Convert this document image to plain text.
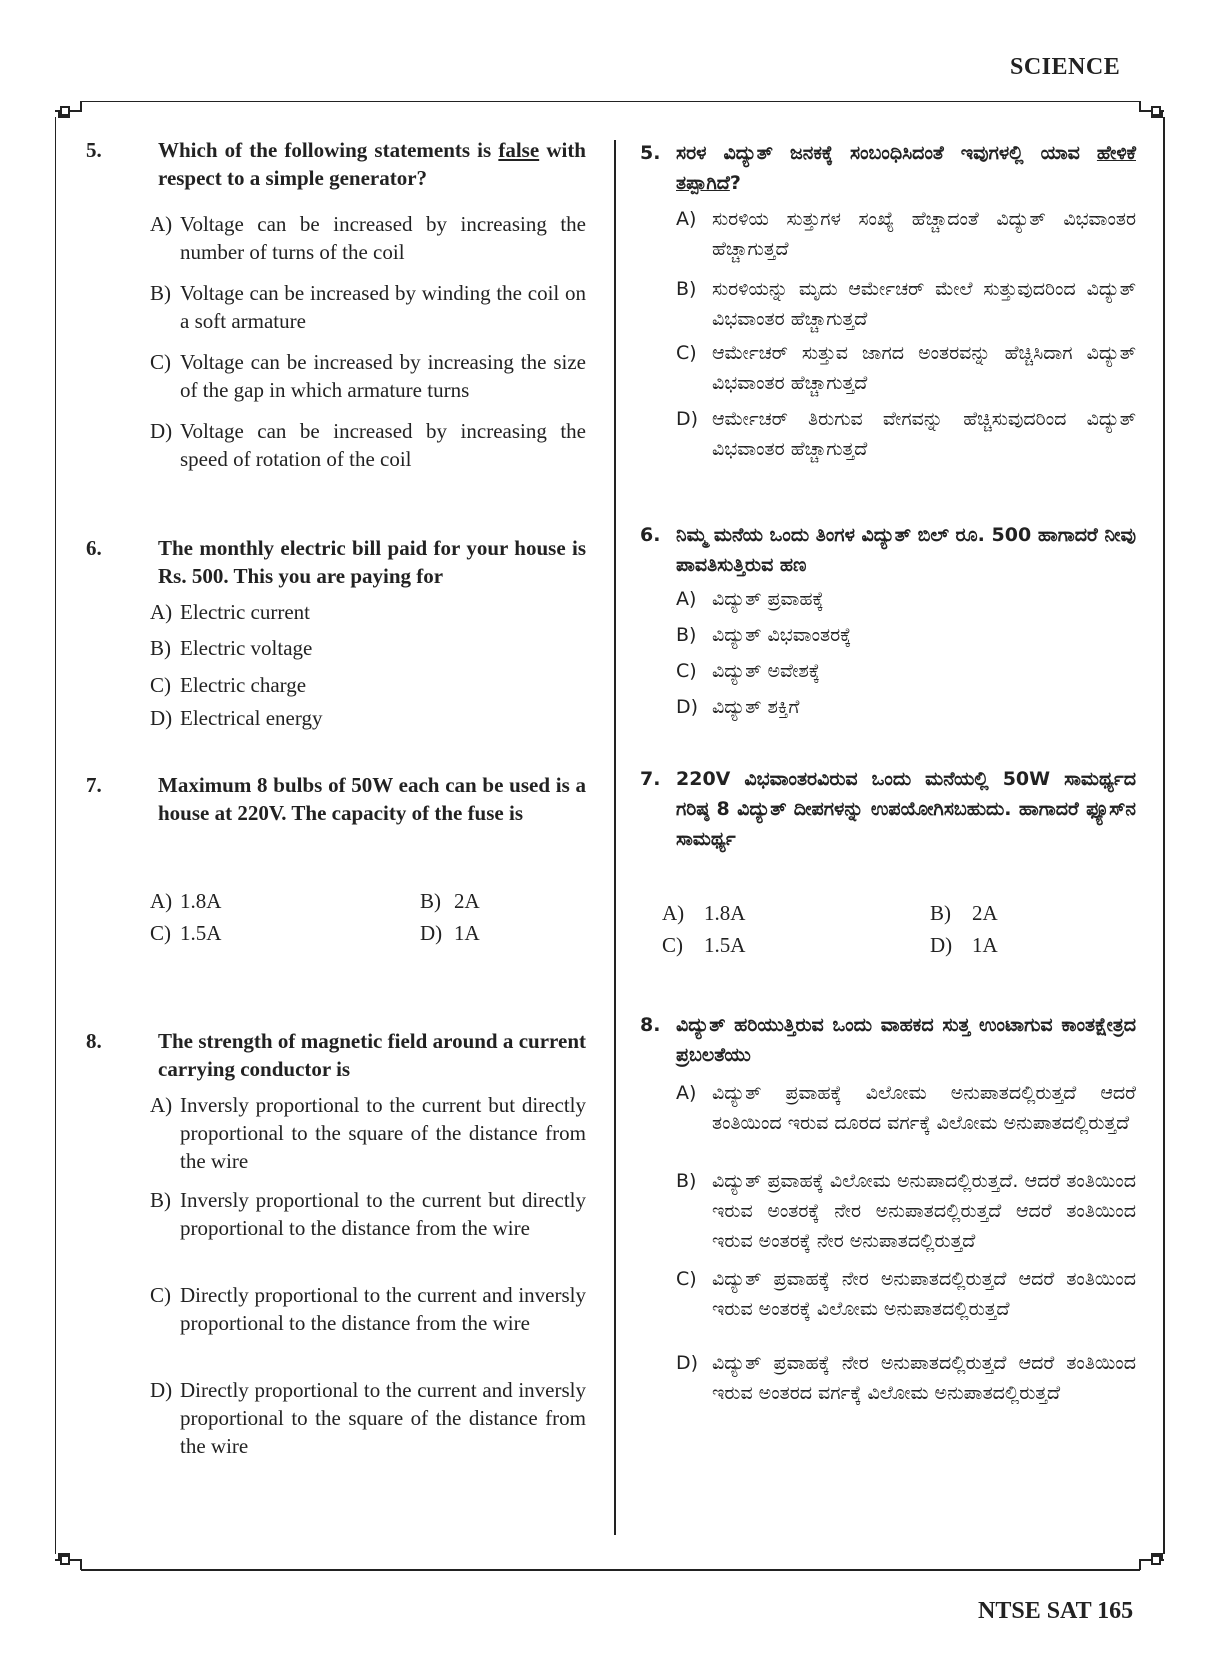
SCIENCE
5.	Which of the following statements is false with respect to a simple generator?
A) Voltage can be increased by increasing the number of turns of the coil
B) Voltage can be increased by winding the coil on a soft armature
C) Voltage can be increased by increasing the size of the gap in which armature turns
D) Voltage can be increased by increasing the speed of rotation of the coil
6.	The monthly electric bill paid for your house is Rs. 500. This you are paying for
A) Electric current
B) Electric voltage
C) Electric charge
D) Electrical energy
7.	Maximum 8 bulbs of 50W each can be used is a house at 220V. The capacity of the fuse is
A) 1.8A	B) 2A
C) 1.5A	D) 1A
8.	The strength of magnetic field around a current carrying conductor is
A) Inversly proportional to the current but directly proportional to the square of the distance from the wire
B) Inversly proportional to the current but directly proportional to the distance from the wire
C) Directly proportional to the current and inversly proportional to the distance from the wire
D) Directly proportional to the current and inversly proportional to the square of the distance from the wire
5. ಸರಳ ವಿದ್ಯುತ್ ಜನಕಕ್ಕೆ ಸಂಬಂಧಿಸಿದಂತೆ ಇವುಗಳಲ್ಲಿ ಯಾವ ಹೇಳಿಕೆ ತಪ್ಪಾಗಿದೆ?
A) ಸುರಳಿಯ ಸುತ್ತುಗಳ ಸಂಖ್ಯೆ ಹೆಚ್ಚಾದಂತೆ ವಿದ್ಯುತ್ ವಿಭವಾಂತರ ಹೆಚ್ಚಾಗುತ್ತದೆ
B) ಸುರಳಿಯನ್ನು ಮೃದು ಆರ್ಮೇಚರ್ ಮೇಲೆ ಸುತ್ತುವುದರಿಂದ ವಿದ್ಯುತ್ ವಿಭವಾಂತರ ಹೆಚ್ಚಾಗುತ್ತದೆ
C) ಆರ್ಮೇಚರ್ ಸುತ್ತುವ ಜಾಗದ ಅಂತರವನ್ನು ಹೆಚ್ಚಿಸಿದಾಗ ವಿದ್ಯುತ್ ವಿಭವಾಂತರ ಹೆಚ್ಚಾಗುತ್ತದೆ
D) ಆರ್ಮೇಚರ್ ತಿರುಗುವ ವೇಗವನ್ನು ಹೆಚ್ಚಿಸುವುದರಿಂದ ವಿದ್ಯುತ್ ವಿಭವಾಂತರ ಹೆಚ್ಚಾಗುತ್ತದೆ
6. ನಿಮ್ಮ ಮನೆಯ ಒಂದು ತಿಂಗಳ ವಿದ್ಯುತ್ ಬಿಲ್ ರೂ. 500 ಹಾಗಾದರೆ ನೀವು ಪಾವತಿಸುತ್ತಿರುವ ಹಣ
A) ವಿದ್ಯುತ್ ಪ್ರವಾಹಕ್ಕೆ
B) ವಿದ್ಯುತ್ ವಿಭವಾಂತರಕ್ಕೆ
C) ವಿದ್ಯುತ್ ಅವೇಶಕ್ಕೆ
D) ವಿದ್ಯುತ್ ಶಕ್ತಿಗೆ
7. 220V ವಿಭವಾಂತರವಿರುವ ಒಂದು ಮನೆಯಲ್ಲಿ 50W ಸಾಮರ್ಥ್ಯದ ಗರಿಷ್ಠ 8 ವಿದ್ಯುತ್ ದೀಪಗಳನ್ನು ಉಪಯೋಗಿಸಬಹುದು. ಹಾಗಾದರೆ ಫ್ಯೂಸ್‌ನ ಸಾಮರ್ಥ್ಯ
A) 1.8A	B) 2A
C) 1.5A	D) 1A
8. ವಿದ್ಯುತ್ ಹರಿಯುತ್ತಿರುವ ಒಂದು ವಾಹಕದ ಸುತ್ತ ಉಂಟಾಗುವ ಕಾಂತಕ್ಷೇತ್ರದ ಪ್ರಬಲತೆಯು
A) ವಿದ್ಯುತ್ ಪ್ರವಾಹಕ್ಕೆ ವಿಲೋಮ ಅನುಪಾತದಲ್ಲಿರುತ್ತದೆ ಆದರೆ ತಂತಿಯಿಂದ ಇರುವ ದೂರದ ವರ್ಗಕ್ಕೆ ವಿಲೋಮ ಅನುಪಾತದಲ್ಲಿರುತ್ತದೆ
B) ವಿದ್ಯುತ್ ಪ್ರವಾಹಕ್ಕೆ ವಿಲೋಮ ಅನುಪಾದಲ್ಲಿರುತ್ತದೆ. ಆದರೆ ತಂತಿಯಿಂದ ಇರುವ ಅಂತರಕ್ಕೆ ನೇರ ಅನುಪಾತದಲ್ಲಿರುತ್ತದೆ ಆದರೆ ತಂತಿಯಿಂದ ಇರುವ ಅಂತರಕ್ಕೆ ನೇರ ಅನುಪಾತದಲ್ಲಿರುತ್ತದೆ
C) ವಿದ್ಯುತ್ ಪ್ರವಾಹಕ್ಕೆ ನೇರ ಅನುಪಾತದಲ್ಲಿರುತ್ತದೆ ಆದರೆ ತಂತಿಯಿಂದ ಇರುವ ಅಂತರಕ್ಕೆ ವಿಲೋಮ ಅನುಪಾತದಲ್ಲಿರುತ್ತದೆ
D) ವಿದ್ಯುತ್ ಪ್ರವಾಹಕ್ಕೆ ನೇರ ಅನುಪಾತದಲ್ಲಿರುತ್ತದೆ ಆದರೆ ತಂತಿಯಿಂದ ಇರುವ ಅಂತರದ ವರ್ಗಕ್ಕೆ ವಿಲೋಮ ಅನುಪಾತದಲ್ಲಿರುತ್ತದೆ
NTSE SAT 165
